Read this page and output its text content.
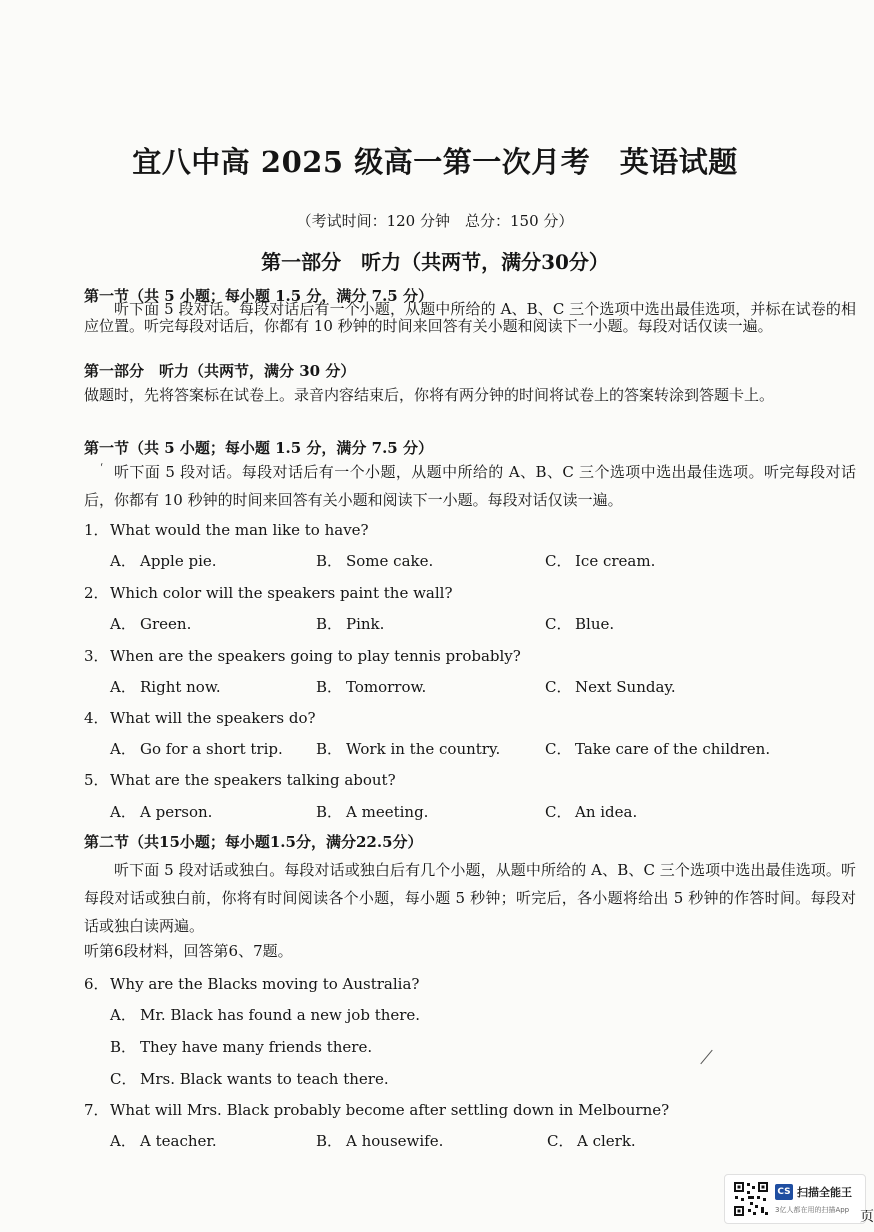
宜八中高 2025 级高一第一次月考　英语试题
（考试时间：120 分钟　总分：150 分）
第一部分　听力（共两节，满分30分）
第一节（共 5 小题；每小题 1.5 分，满分 7.5 分）
听下面 5 段对话。每段对话后有一个小题，从题中所给的 A、B、C 三个选项中选出最佳选项，并标在试卷的相应位置。听完每段对话后，你都有 10 秒钟的时间来回答有关小题和阅读下一小题。每段对话仅读一遍。
第一部分　听力（共两节，满分 30 分）
做题时，先将答案标在试卷上。录音内容结束后，你将有两分钟的时间将试卷上的答案转涂到答题卡上。
第一节（共 5 小题；每小题 1.5 分，满分 7.5 分）
ˊ 听下面 5 段对话。每段对话后有一个小题，从题中所给的 A、B、C 三个选项中选出最佳选项。听完每段对话后，你都有 10 秒钟的时间来回答有关小题和阅读下一小题。每段对话仅读一遍。
1．What would the man like to have?
A． Apple pie.	B． Some cake.	C． Ice cream.
2．Which color will the speakers paint the wall?
A． Green.	B． Pink.	C． Blue.
3．When are the speakers going to play tennis probably?
A． Right now.	B． Tomorrow.	C． Next Sunday.
4．What will the speakers do?
A． Go for a short trip. B． Work in the country.	C． Take care of the children.
5．What are the speakers talking about?
A． A person.	B． A meeting.	C． An idea.
第二节（共15小题；每小题1.5分，满分22.5分）
听下面 5 段对话或独白。每段对话或独白后有几个小题，从题中所给的 A、B、C 三个选项中选出最佳选项。听每段对话或独白前，你将有时间阅读各个小题，每小题 5 秒钟；听完后，各小题将给出 5 秒钟的作答时间。每段对话或独白读两遍。
听第6段材料，回答第6、7题。
6．Why are the Blacks moving to Australia?
A． Mr. Black has found a new job there.
B． They have many friends there.
C． Mrs. Black wants to teach there.
7．What will Mrs. Black probably become after settling down in Melbourne?
A． A teacher.	B． A housewife.	C． A clerk.
CS 扫描全能王
3亿人都在用的扫描App 页
